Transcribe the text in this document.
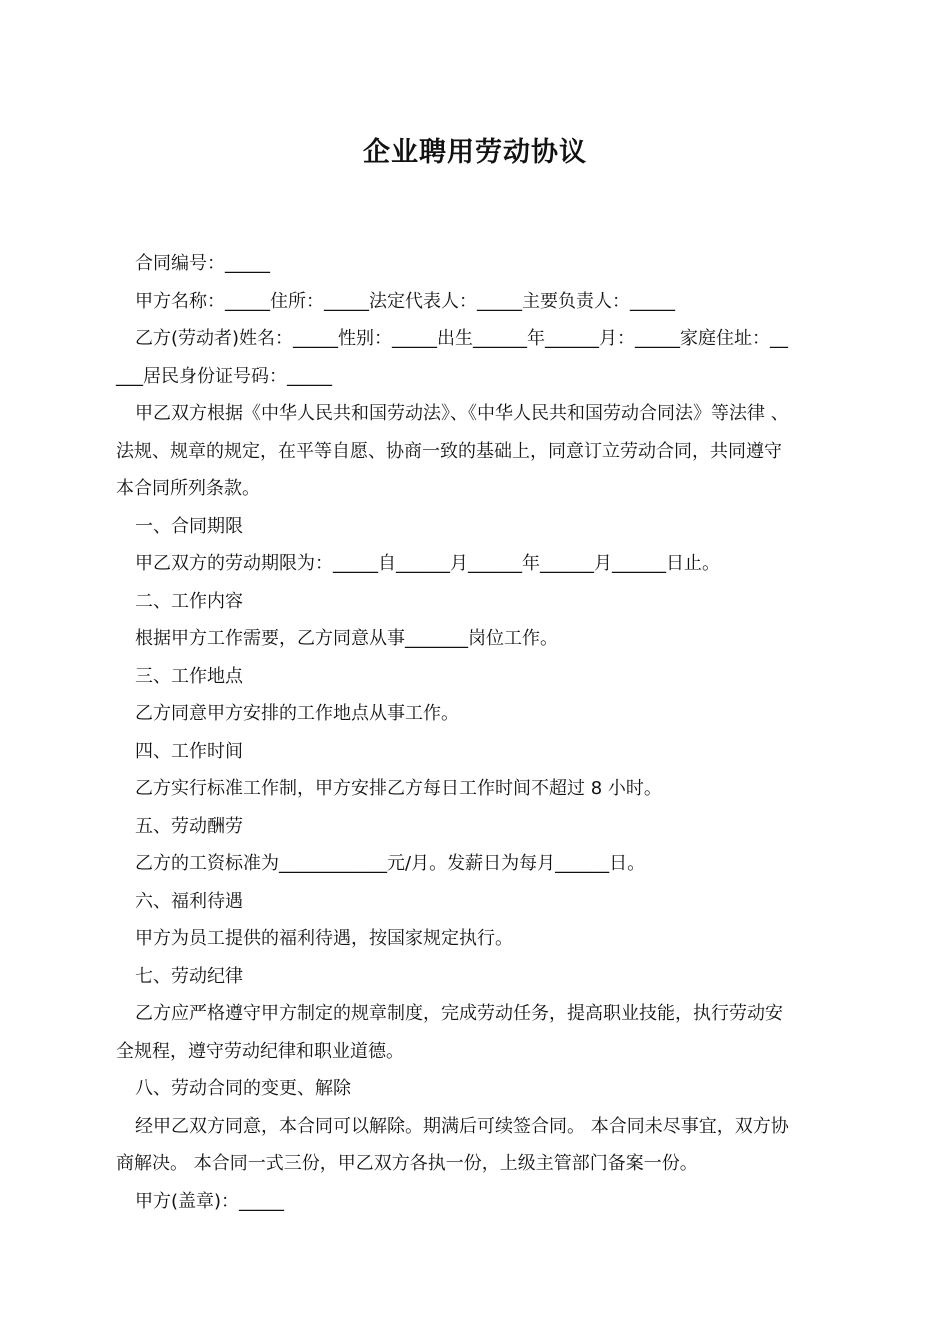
企业聘用劳动协议
合同编号：_____
甲方名称：_____住所：_____法定代表人：_____主要负责人：_____
乙方(劳动者)姓名：_____性别：_____出生______年______月：_____家庭住址：__
___居民身份证号码：_____
甲乙双方根据《中华人民共和国劳动法》、《中华人民共和国劳动合同法》等法律 、
法规、规章的规定，在平等自愿、协商一致的基础上，同意订立劳动合同，共同遵守
本合同所列条款。
一、合同期限
甲乙双方的劳动期限为：_____自______月______年______月______日止。
二、工作内容
根据甲方工作需要，乙方同意从事_______岗位工作。
三、工作地点
乙方同意甲方安排的工作地点从事工作。
四、工作时间
乙方实行标准工作制，甲方安排乙方每日工作时间不超过 8 小时。
五、劳动酬劳
乙方的工资标准为____________元/月。发薪日为每月______日。
六、福利待遇
甲方为员工提供的福利待遇，按国家规定执行。
七、劳动纪律
乙方应严格遵守甲方制定的规章制度，完成劳动任务，提高职业技能，执行劳动安
全规程，遵守劳动纪律和职业道德。
八、劳动合同的变更、解除
经甲乙双方同意，本合同可以解除。期满后可续签合同。 本合同未尽事宜，双方协
商解决。 本合同一式三份，甲乙双方各执一份，上级主管部门备案一份。
甲方(盖章)：_____
